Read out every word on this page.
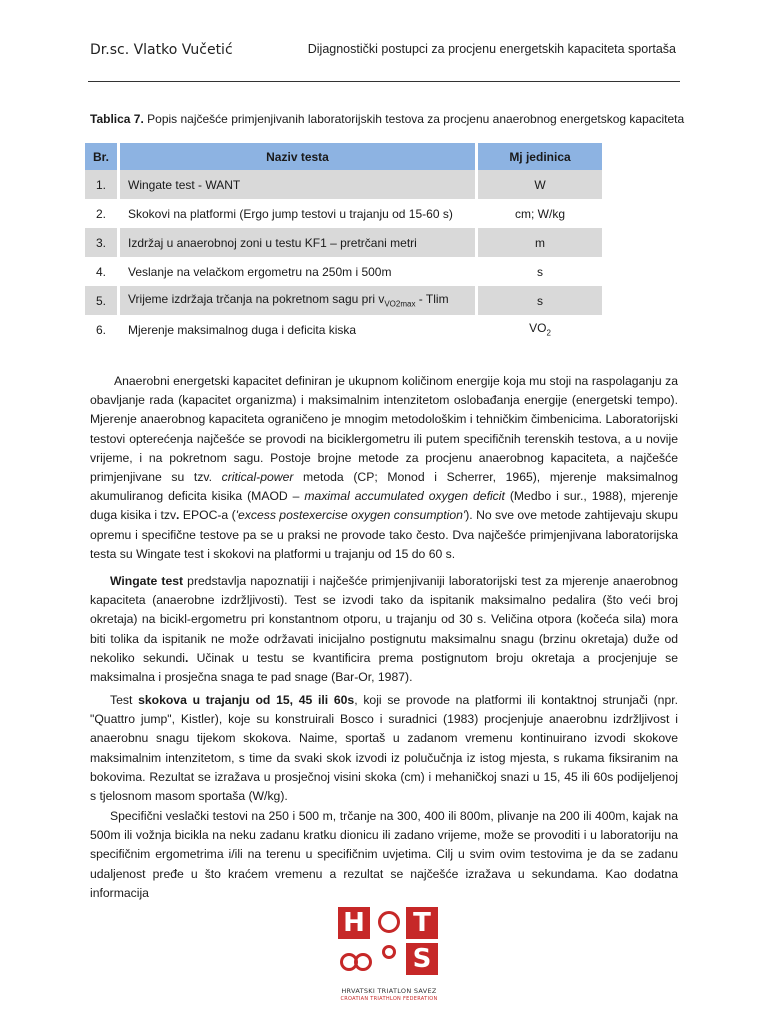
Dr.sc. Vlatko Vučetić	Dijagnostički postupci za procjenu energetskih kapaciteta sportaša
Tablica 7. Popis najčešće primjenjivanih laboratorijskih testova za procjenu anaerobnog energetskog kapaciteta
Br.	Naziv testa	Mj jedinica
1.	Wingate test - WANT	W
2.	Skokovi na platformi (Ergo jump testovi u trajanju od 15-60 s)	cm; W/kg
3.	Izdržaj u anaerobnoj zoni u testu KF1 – pretrčani metri	m
4.	Veslanje na velačkom ergometru na 250m i 500m	s
5.	Vrijeme izdržaja trčanja na pokretnom sagu pri $v_{VO2max}$ - Tlim	s
6.	Mjerenje maksimalnog duga i deficita kiska	$VO_2$

Anaerobni energetski kapacitet definiran je ukupnom količinom energije koja mu stoji na raspolaganju za obavljanje rada (kapacitet organizma) i maksimalnim intenzitetom oslobađanja energije (energetski tempo). Mjerenje anaerobnog kapaciteta ograničeno je mnogim metodološkim i tehničkim čimbenicima. Laboratorijski testovi opterećenja najčešće se provodi na biciklergometru ili putem specifičnih terenskih testova, a u novije vrijeme, i na pokretnom sagu. Postoje brojne metode za procjenu anaerobnog kapaciteta, a najčešće primjenjivane su tzv. critical-power metoda (CP; Monod i Scherrer, 1965), mjerenje maksimalnog akumuliranog deficita kisika (MAOD – maximal accumulated oxygen deficit (Medbo i sur., 1988), mjerenje duga kisika i tzv. EPOC-a ('excess postexercise oxygen consumption'). No sve ove metode zahtijevaju skupu opremu i specifične testove pa se u praksi ne provode tako često. Dva najčešće primjenjivana laboratorijska testa su Wingate test i skokovi na platformi u trajanju od 15 do 60 s.

Wingate test predstavlja napoznatiji i najčešće primjenjivaniji laboratorijski test za mjerenje anaerobnog kapaciteta (anaerobne izdržljivosti). Test se izvodi tako da ispitanik maksimalno pedalira (što veći broj okretaja) na bicikl-ergometru pri konstantnom otporu, u trajanju od 30 s. Veličina otpora (kočeća sila) mora biti tolika da ispitanik ne može održavati inicijalno postignutu maksimalnu snagu (brzinu okretaja) duže od nekoliko sekundi. Učinak u testu se kvantificira prema postignutom broju okretaja a procjenjuje se maksimalna i prosječna snaga te pad snage (Bar-Or, 1987).

Test skokova u trajanju od 15, 45 ili 60s, koji se provode na platformi ili kontaktnoj strunjači (npr. "Quattro jump", Kistler), koje su konstruirali Bosco i suradnici (1983) procjenjuje anaerobnu izdržljivost i anaerobnu snagu tijekom skokova. Naime, sportaš u zadanom vremenu kontinuirano izvodi skokove maksimalnim intenzitetom, s time da svaki skok izvodi iz polučučnja iz istog mjesta, s rukama fiksiranim na bokovima. Rezultat se izražava u prosječnoj visini skoka (cm) i mehaničkoj snazi u 15, 45 ili 60s podijeljenoj s tjelosnom masom sportaša (W/kg).

Specifični veslački testovi na 250 i 500 m, trčanje na 300, 400 ili 800m, plivanje na 200 ili 400m, kajak na 500m ili vožnja bicikla na neku zadanu kratku dionicu ili zadano vrijeme, može se provoditi i u laboratoriju na specifičnim ergometrima i/ili na terenu u specifičnim uvjetima. Cilj u svim ovim testovima je da se zadanu udaljenost pređe u što kraćem vremenu a rezultat se najčešće izražava u sekundama. Kao dodatna informacija

H T
S
HRVATSKI TRIATLON SAVEZ
CROATIAN TRIATHLON FEDERATION
